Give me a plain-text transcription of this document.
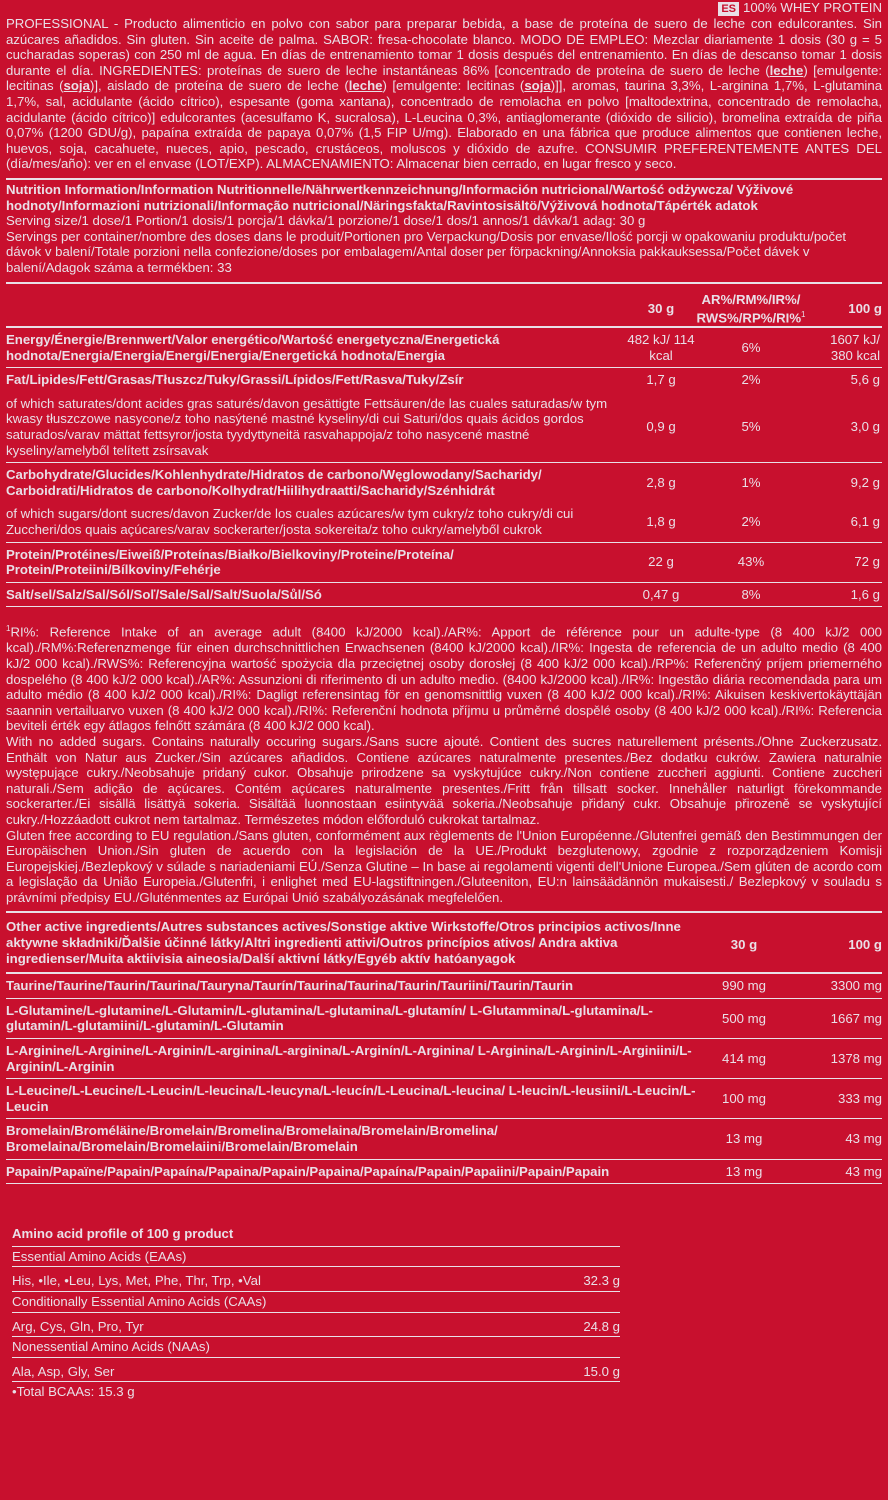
ES 100% WHEY PROTEIN
PROFESSIONAL - Producto alimenticio en polvo con sabor para preparar bebida, a base de proteína de suero de leche con edulcorantes. Sin azúcares añadidos. Sin gluten. Sin aceite de palma. SABOR: fresa-chocolate blanco. MODO DE EMPLEO: Mezclar diariamente 1 dosis (30 g = 5 cucharadas soperas) con 250 ml de agua. En días de entrenamiento tomar 1 dosis después del entrenamiento. En días de descanso tomar 1 dosis durante el día. INGREDIENTES: proteínas de suero de leche instantáneas 86% [concentrado de proteína de suero de leche (leche) [emulgente: lecitinas (soja)], aislado de proteína de suero de leche (leche) [emulgente: lecitinas (soja)]], aromas, taurina 3,3%, L-arginina 1,7%, L-glutamina 1,7%, sal, acidulante (ácido cítrico), espesante (goma xantana), concentrado de remolacha en polvo [maltodextrina, concentrado de remolacha, acidulante (ácido cítrico)] edulcorantes (acesulfamo K, sucralosa), L-Leucina 0,3%, antiaglomerante (dióxido de silicio), bromelina extraída de piña 0,07% (1200 GDU/g), papaína extraída de papaya 0,07% (1,5 FIP U/mg). Elaborado en una fábrica que produce alimentos que contienen leche, huevos, soja, cacahuete, nueces, apio, pescado, crustáceos, moluscos y dióxido de azufre. CONSUMIR PREFERENTEMENTE ANTES DEL (día/mes/año): ver en el envase (LOT/EXP). ALMACENAMIENTO: Almacenar bien cerrado, en lugar fresco y seco.
Nutrition Information/Information Nutritionnelle/Nährwertkennzeichnung/Información nutricional/Wartość odżywcza/ Výživové hodnoty/Informazioni nutrizionali/Informação nutricional/Näringsfakta/Ravintosisältö/Výživová hodnota/Tápérték adatok
Serving size/1 dose/1 Portion/1 dosis/1 porcja/1 dávka/1 porzione/1 dose/1 dos/1 annos/1 dávka/1 adag: 30 g
Servings per container/nombre des doses dans le produit/Portionen pro Verpackung/Dosis por envase/Ilość porcji w opakowaniu produktu/počet dávok v balení/Totale porzioni nella confezione/doses por embalagem/Antal doser per förpackning/Annoksia pakkauksessa/Počet dávek v balení/Adagok száma a termékben: 33
	30 g	AR%/RM%/IR%/ RWS%/RP%/RI%$^1$	100 g
Energy/Énergie/Brennwert/Valor energético/Wartość energetyczna/Energetická hodnota/Energia/Energia/Energi/Energia/Energetická hodnota/Energia	482 kJ/ 114 kcal	6%	1607 kJ/ 380 kcal
Fat/Lipides/Fett/Grasas/Tłuszcz/Tuky/Grassi/Lípidos/Fett/Rasva/Tuky/Zsír	1,7 g	2%	5,6 g
of which saturates/dont acides gras saturés/davon gesättigte Fettsäuren/de las cuales saturadas/w tym kwasy tłuszczowe nasycone/z toho nasýtené mastné kyseliny/di cui Saturi/dos quais ácidos gordos saturados/varav mättat fettsyror/josta tyydyttyneitä rasvahappoja/z toho nasycené mastné kyseliny/amelyből telített zsírsavak	0,9 g	5%	3,0 g
Carbohydrate/Glucides/Kohlenhydrate/Hidratos de carbono/Węglowodany/Sacharidy/ Carboidrati/Hidratos de carbono/Kolhydrat/Hiilihydraatti/Sacharidy/Szénhidrát	2,8 g	1%	9,2 g
of which sugars/dont sucres/davon Zucker/de los cuales azúcares/w tym cukry/z toho cukry/di cui Zuccheri/dos quais açúcares/varav sockerarter/josta sokereita/z toho cukry/amelyből cukrok	1,8 g	2%	6,1 g
Protein/Protéines/Eiweiß/Proteínas/Białko/Bielkoviny/Proteine/Proteína/ Protein/Proteiini/Bílkoviny/Fehérje	22 g	43%	72 g
Salt/sel/Salz/Sal/Sól/Soľ/Sale/Sal/Salt/Suola/Sůl/Só	0,47 g	8%	1,6 g
$^1$RI%: Reference Intake of an average adult (8400 kJ/2000 kcal)./AR%: Apport de référence pour un adulte-type (8 400 kJ/2 000 kcal)./RM%:Referenzmenge für einen durchschnittlichen Erwachsenen (8400 kJ/2000 kcal)./IR%: Ingesta de referencia de un adulto medio (8 400 kJ/2 000 kcal)./RWS%: Referencyjna wartość spożycia dla przeciętnej osoby dorosłej (8 400 kJ/2 000 kcal)./RP%: Referenčný príjem priemerného dospelého (8 400 kJ/2 000 kcal)./AR%: Assunzioni di riferimento di un adulto medio. (8400 kJ/2000 kcal)./IR%: Ingestão diária recomendada para um adulto médio (8 400 kJ/2 000 kcal)./RI%: Dagligt referensintag för en genomsnittlig vuxen (8 400 kJ/2 000 kcal)./RI%: Aikuisen keskivertokäyttäjän saannin vertailuarvo vuxen (8 400 kJ/2 000 kcal)./RI%: Referenční hodnota příjmu u průměrné dospělé osoby (8 400 kJ/2 000 kcal)./RI%: Referencia beviteli érték egy átlagos felnőtt számára (8 400 kJ/2 000 kcal).
With no added sugars. Contains naturally occuring sugars./Sans sucre ajouté. Contient des sucres naturellement présents./Ohne Zuckerzusatz. Enthält von Natur aus Zucker./Sin azúcares añadidos. Contiene azúcares naturalmente presentes./Bez dodatku cukrów. Zawiera naturalnie występujące cukry./Neobsahuje pridaný cukor. Obsahuje prirodzene sa vyskytujúce cukry./Non contiene zuccheri aggiunti. Contiene zuccheri naturali./Sem adição de açúcares. Contém açúcares naturalmente presentes./Fritt från tillsatt socker. Innehåller naturligt förekommande sockerarter./Ei sisällä lisättyä sokeria. Sisältää luonnostaan esiintyvää sokeria./Neobsahuje přidaný cukr. Obsahuje přirozeně se vyskytující cukry./Hozzáadott cukrot nem tartalmaz. Természetes módon előforduló cukrokat tartalmaz.
Gluten free according to EU regulation./Sans gluten, conformément aux règlements de l'Union Européenne./Glutenfrei gemäß den Bestimmungen der Europäischen Union./Sin gluten de acuerdo con la legislación de la UE./Produkt bezglutenowy, zgodnie z rozporządzeniem Komisji Europejskiej./Bezlepkový v súlade s nariadeniami EÚ./Senza Glutine – In base ai regolamenti vigenti dell'Unione Europea./Sem glúten de acordo com a legislação da União Europeia./Glutenfri, i enlighet med EU-lagstiftningen./Gluteeniton, EU:n lainsäädännön mukaisesti./ Bezlepkový v souladu s právními předpisy EU./Gluténmentes az Európai Unió szabályozásának megfelelően.
Other active ingredients/Autres substances actives/Sonstige aktive Wirkstoffe/Otros principios activos/Inne aktywne składniki/Ďalšie účinné látky/Altri ingredienti attivi/Outros princípios ativos/ Andra aktiva ingredienser/Muita aktiivisia aineosia/Další aktivní látky/Egyéb aktív hatóanyagok	30 g	100 g
Taurine/Taurine/Taurin/Taurina/Tauryna/Taurín/Taurina/Taurina/Taurin/Tauriini/Taurin/Taurin	990 mg	3300 mg
L-Glutamine/L-glutamine/L-Glutamin/L-glutamina/L-glutamina/L-glutamín/ L-Glutammina/L-glutamina/L-glutamin/L-glutamiini/L-glutamin/L-Glutamin	500 mg	1667 mg
L-Arginine/L-Arginine/L-Arginin/L-arginina/L-arginina/L-Arginín/L-Arginina/ L-Arginina/L-Arginin/L-Arginiini/L-Arginin/L-Arginin	414 mg	1378 mg
L-Leucine/L-Leucine/L-Leucin/L-leucina/L-leucyna/L-leucín/L-Leucina/L-leucina/ L-leucin/L-leusiini/L-Leucin/L-Leucin	100 mg	333 mg
Bromelain/Broméläine/Bromelain/Bromelina/Bromelaina/Bromelain/Bromelina/ Bromelaina/Bromelain/Bromelaiini/Bromelain/Bromelain	13 mg	43 mg
Papain/Papaïne/Papain/Papaína/Papaina/Papain/Papaina/Papaína/Papain/Papaiini/Papain/Papain	13 mg	43 mg
Amino acid profile of 100 g product	
Essential Amino Acids (EAAs)	
His, •Ile, •Leu, Lys, Met, Phe, Thr, Trp, •Val	32.3 g
Conditionally Essential Amino Acids (CAAs)	
Arg, Cys, Gln, Pro, Tyr	24.8 g
Nonessential Amino Acids (NAAs)	
Ala, Asp, Gly, Ser	15.0 g
•Total BCAAs: 15.3 g	
